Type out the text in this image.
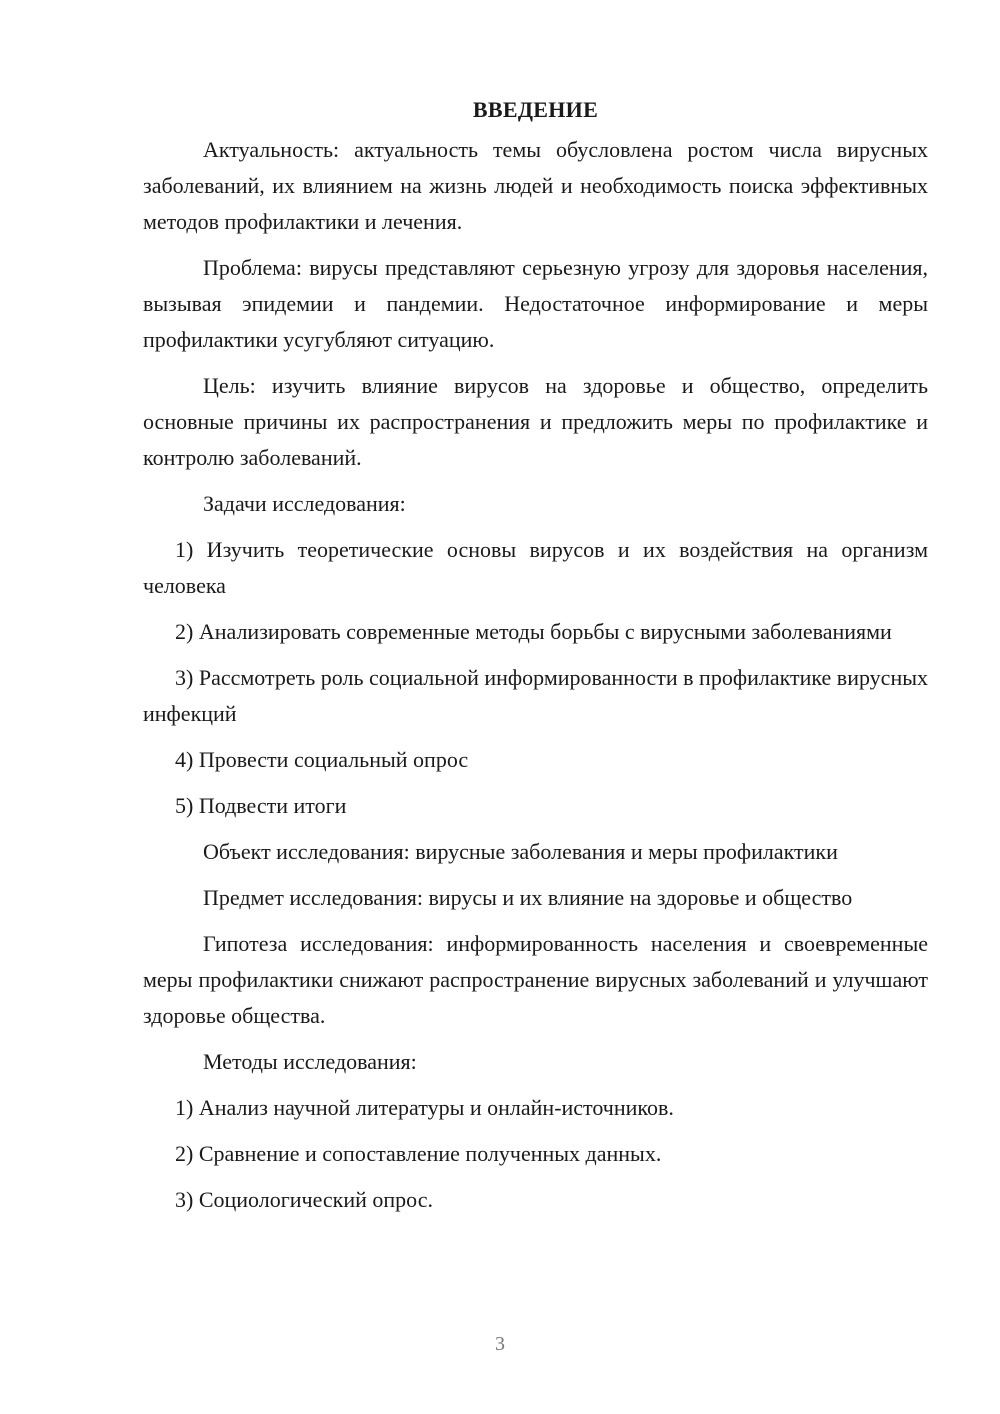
ВВЕДЕНИЕ
Актуальность: актуальность темы обусловлена ростом числа вирусных заболеваний, их влиянием на жизнь людей и необходимость поиска эффективных методов профилактики и лечения.
Проблема: вирусы представляют серьезную угрозу для здоровья населения, вызывая эпидемии и пандемии. Недостаточное информирование и меры профилактики усугубляют ситуацию.
Цель: изучить влияние вирусов на здоровье и общество, определить основные причины их распространения и предложить меры по профилактике и контролю заболеваний.
Задачи исследования:
1) Изучить теоретические основы вирусов и их воздействия на организм человека
2) Анализировать современные методы борьбы с вирусными заболеваниями
3) Рассмотреть роль социальной информированности в профилактике вирусных инфекций
4) Провести социальный опрос
5) Подвести итоги
Объект исследования: вирусные заболевания и меры профилактики
Предмет исследования: вирусы и их влияние на здоровье и общество
Гипотеза исследования: информированность населения и своевременные меры профилактики снижают распространение вирусных заболеваний и улучшают здоровье общества.
Методы исследования:
1) Анализ научной литературы и онлайн-источников.
2) Сравнение и сопоставление полученных данных.
3) Социологический опрос.
3
